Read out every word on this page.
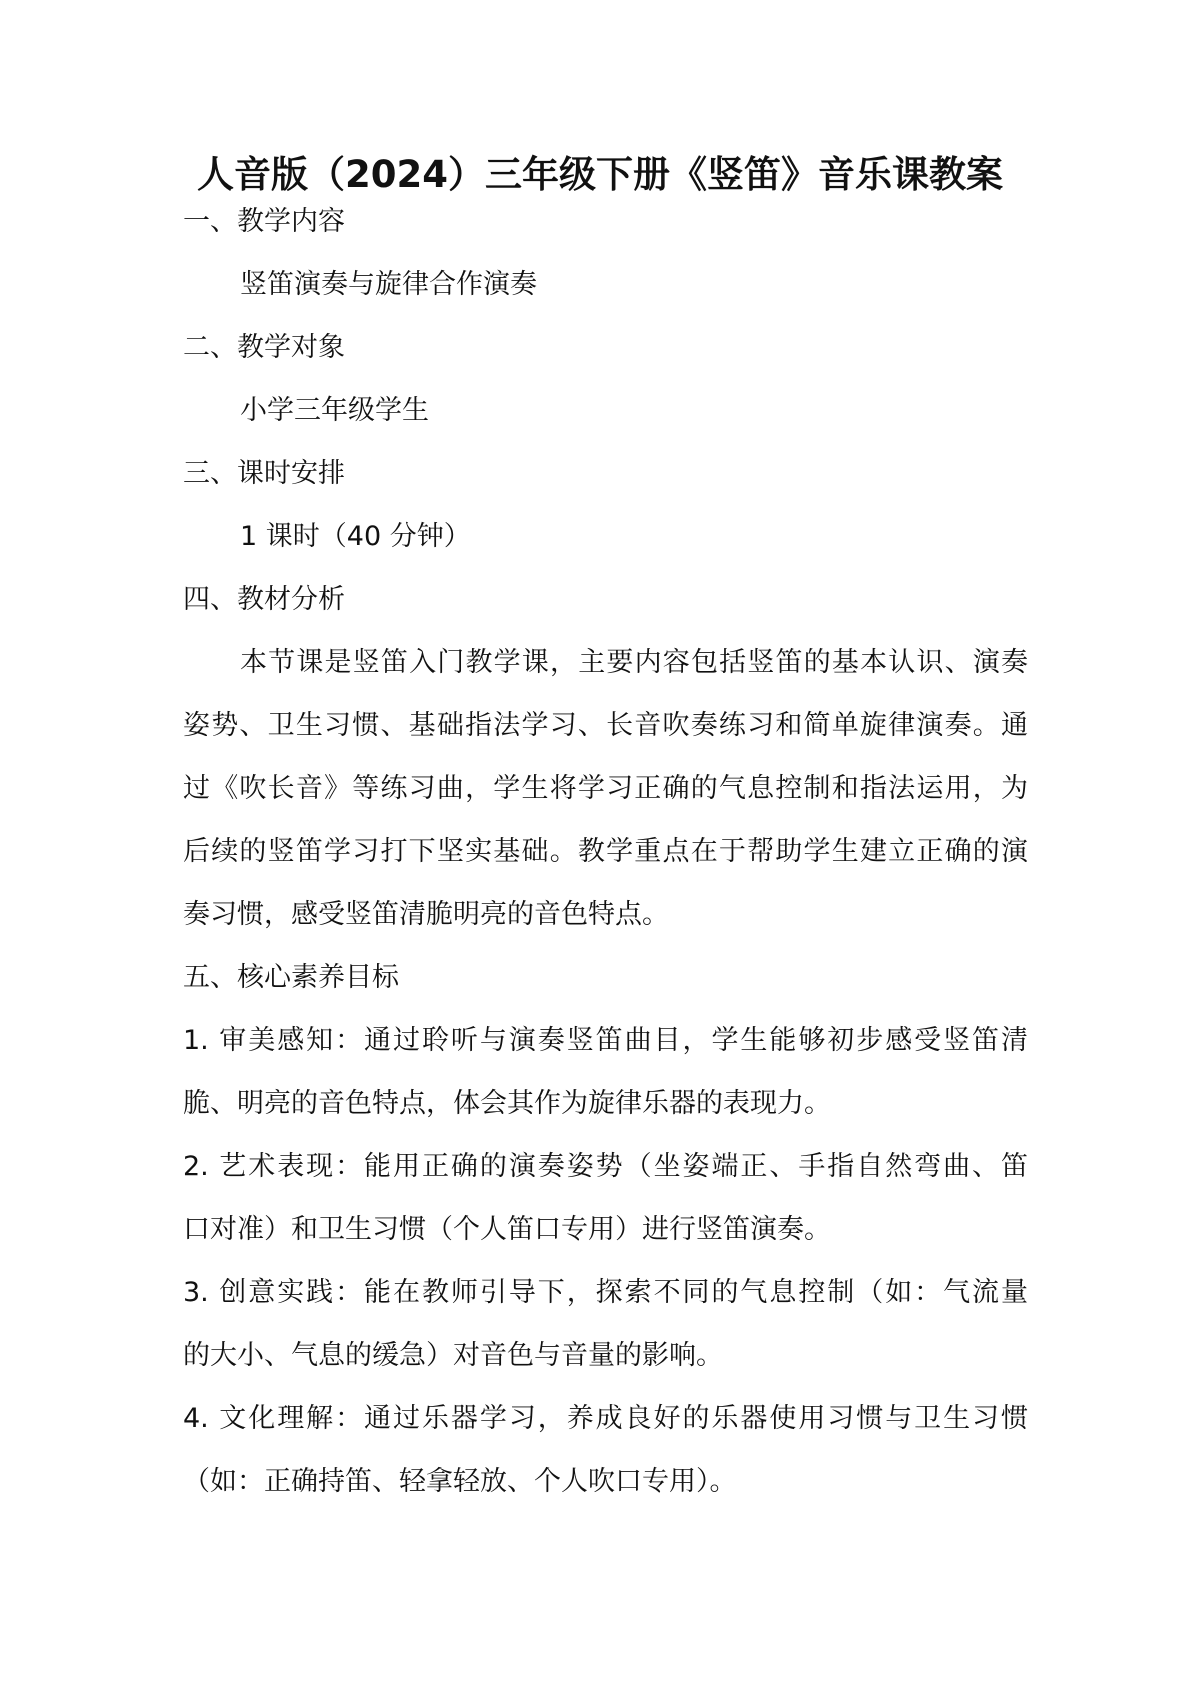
人音版（2024）三年级下册《竖笛》音乐课教案
一、教学内容
竖笛演奏与旋律合作演奏
二、教学对象
小学三年级学生
三、课时安排
1 课时（40 分钟）
四、教材分析
本节课是竖笛入门教学课，主要内容包括竖笛的基本认识、演奏
姿势、卫生习惯、基础指法学习、长音吹奏练习和简单旋律演奏。通
过《吹长音》等练习曲，学生将学习正确的气息控制和指法运用，为
后续的竖笛学习打下坚实基础。教学重点在于帮助学生建立正确的演
奏习惯，感受竖笛清脆明亮的音色特点。
五、核心素养目标
1. 审美感知：通过聆听与演奏竖笛曲目，学生能够初步感受竖笛清
脆、明亮的音色特点，体会其作为旋律乐器的表现力。
2. 艺术表现：能用正确的演奏姿势（坐姿端正、手指自然弯曲、笛
口对准）和卫生习惯（个人笛口专用）进行竖笛演奏。
3. 创意实践：能在教师引导下，探索不同的气息控制（如：气流量
的大小、气息的缓急）对音色与音量的影响。
4. 文化理解：通过乐器学习，养成良好的乐器使用习惯与卫生习惯
（如：正确持笛、轻拿轻放、个人吹口专用）。
